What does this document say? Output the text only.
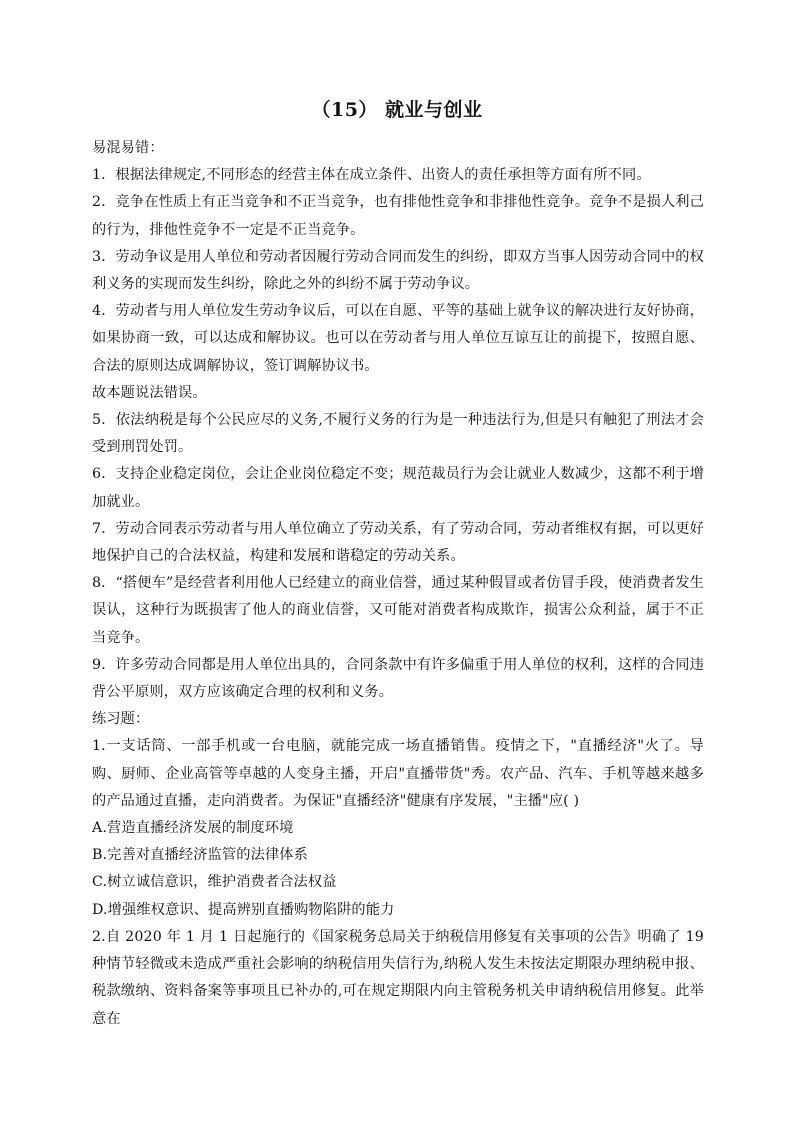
（15） 就业与创业

易混易错：

1．根据法律规定,不同形态的经营主体在成立条件、出资人的责任承担等方面有所不同。

2．竞争在性质上有正当竞争和不正当竞争，也有排他性竞争和非排他性竞争。竞争不是损人利己的行为，排他性竞争不一定是不正当竞争。

3．劳动争议是用人单位和劳动者因履行劳动合同而发生的纠纷，即双方当事人因劳动合同中的权利义务的实现而发生纠纷，除此之外的纠纷不属于劳动争议。

4．劳动者与用人单位发生劳动争议后，可以在自愿、平等的基础上就争议的解决进行友好协商，如果协商一致，可以达成和解协议。也可以在劳动者与用人单位互谅互让的前提下，按照自愿、合法的原则达成调解协议，签订调解协议书。

故本题说法错误。

5．依法纳税是每个公民应尽的义务,不履行义务的行为是一种违法行为,但是只有触犯了刑法才会受到刑罚处罚。

6．支持企业稳定岗位，会让企业岗位稳定不变；规范裁员行为会让就业人数减少，这都不利于增加就业。

7．劳动合同表示劳动者与用人单位确立了劳动关系，有了劳动合同，劳动者维权有据，可以更好地保护自己的合法权益，构建和发展和谐稳定的劳动关系。

8．“搭便车”是经营者利用他人已经建立的商业信誉，通过某种假冒或者仿冒手段，使消费者发生误认，这种行为既损害了他人的商业信誉，又可能对消费者构成欺诈，损害公众利益，属于不正当竞争。

9．许多劳动合同都是用人单位出具的，合同条款中有许多偏重于用人单位的权利，这样的合同违背公平原则，双方应该确定合理的权利和义务。

练习题：

1.一支话筒、一部手机或一台电脑，就能完成一场直播销售。疫情之下，"直播经济"火了。导购、厨师、企业高管等卓越的人变身主播，开启"直播带货"秀。农产品、汽车、手机等越来越多的产品通过直播，走向消费者。为保证"直播经济"健康有序发展，"主播"应( )

A.营造直播经济发展的制度环境

B.完善对直播经济监管的法律体系

C.树立诚信意识，维护消费者合法权益

D.增强维权意识、提高辨别直播购物陷阱的能力

2.自 2020 年 1 月 1 日起施行的《国家税务总局关于纳税信用修复有关事项的公告》明确了 19 种情节轻微或未造成严重社会影响的纳税信用失信行为,纳税人发生未按法定期限办理纳税申报、税款缴纳、资料备案等事项且已补办的,可在规定期限内向主管税务机关申请纳税信用修复。此举意在
